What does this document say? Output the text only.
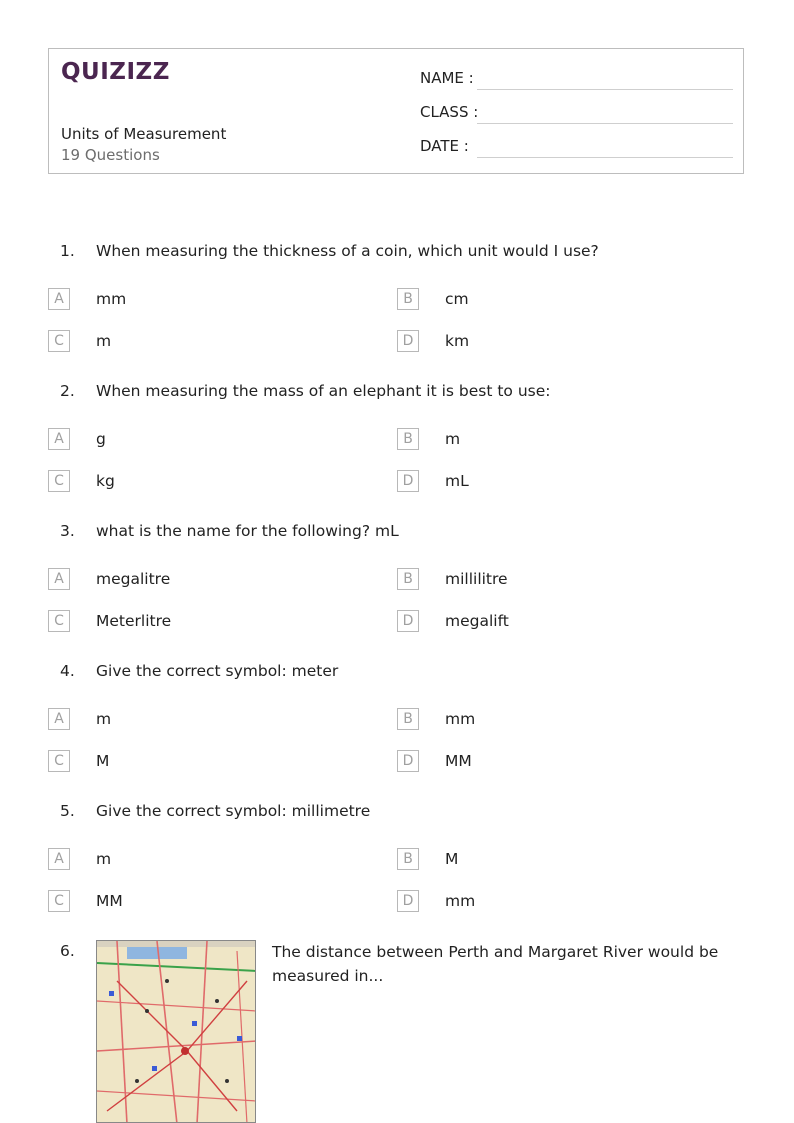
QUIZIZZ
Units of Measurement
19 Questions
NAME :
CLASS :
DATE :
1. When measuring the thickness of a coin, which unit would I use?
A	mm	B	cm
C	m	D	km
2. When measuring the mass of an elephant it is best to use:
A	g	B	m
C	kg	D	mL
3. what is the name for the following? mL
A	megalitre	B	millilitre
C	Meterlitre	D	megalift
4. Give the correct symbol: meter
A	m	B	mm
C	M	D	MM
5. Give the correct symbol: millimetre
A	m	B	M
C	MM	D	mm
6.	The distance between Perth and Margaret River would be measured in...
